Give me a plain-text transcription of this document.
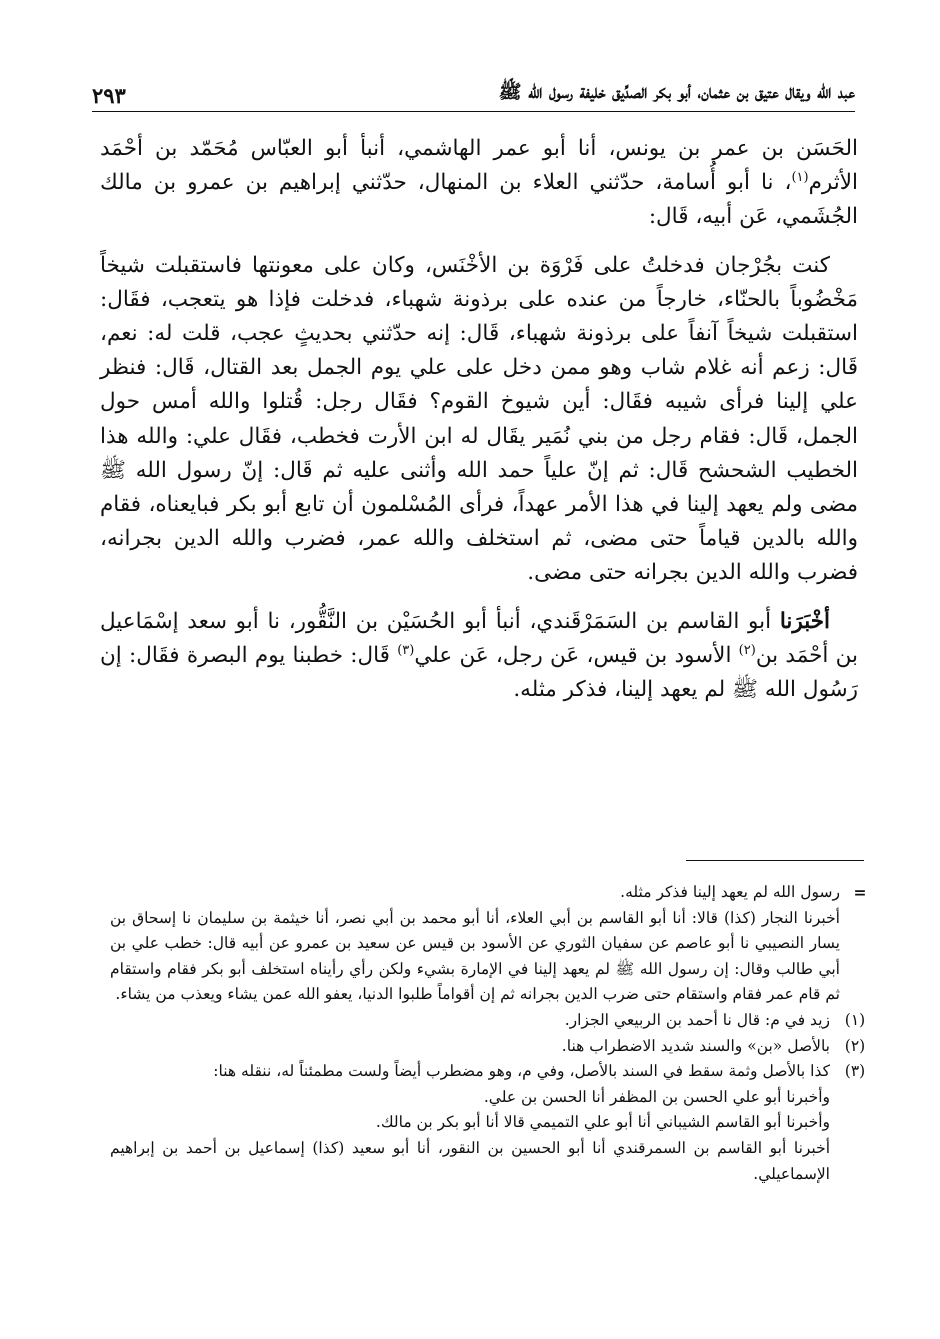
عبد الله ويقال عتيق بن عثمان، أبو بكر الصدِّيق خليفة رسول الله ﷺ
٢٩٣

الحَسَن بن عمر بن يونس، أنا أبو عمر الهاشمي، أنبأ أبو العبّاس مُحَمّد بن أحْمَد الأثرم$^{(١)}$، نا أبو أُسامة، حدّثني العلاء بن المنهال، حدّثني إبراهيم بن عمرو بن مالك الجُشَمي، عَن أبيه، قَال:

كنت بجُرْجان فدخلتُ على فَرْوَة بن الأخْنَس، وكان على معونتها فاستقبلت شيخاً مَخْضُوباً بالحنّاء، خارجاً من عنده على برذونة شهباء، فدخلت فإذا هو يتعجب، فقَال: استقبلت شيخاً آنفاً على برذونة شهباء، قَال: إنه حدّثني بحديثٍ عجب، قلت له: نعم، قَال: زعم أنه غلام شاب وهو ممن دخل على علي يوم الجمل بعد القتال، قَال: فنظر علي إلينا فرأى شيبه فقَال: أين شيوخ القوم؟ فقَال رجل: قُتلوا والله أمس حول الجمل، قَال: فقام رجل من بني نُمَير يقَال له ابن الأرت فخطب، فقَال علي: والله هذا الخطيب الشحشح قَال: ثم إنّ علياً حمد الله وأثنى عليه ثم قَال: إنّ رسول الله ﷺ مضى ولم يعهد إلينا في هذا الأمر عهداً، فرأى المُسْلمون أن تابع أبو بكر فبايعناه، فقام والله بالدين قياماً حتى مضى، ثم استخلف والله عمر، فضرب والله الدين بجرانه، فضرب والله الدين بجرانه حتى مضى.

أخْبَرَنا أبو القاسم بن السَمَرْقَندي، أنبأ أبو الحُسَيْن بن النَّقُّور، نا أبو سعد إسْمَاعيل بن أحْمَد بن$^{(٢)}$ الأسود بن قيس، عَن رجل، عَن علي$^{(٣)}$ قَال: خطبنا يوم البصرة فقَال: إن رَسُول الله ﷺ لم يعهد إلينا، فذكر مثله.

=

رسول الله لم يعهد إلينا فذكر مثله.

أخبرنا النجار (كذا) قالا: أنا أبو القاسم بن أبي العلاء، أنا أبو محمد بن أبي نصر، أنا خيثمة بن سليمان نا إسحاق بن يسار النصيبي نا أبو عاصم عن سفيان الثوري عن الأسود بن قيس عن سعيد بن عمرو عن أبيه قال: خطب علي بن أبي طالب وقال: إن رسول الله ﷺ لم يعهد إلينا في الإمارة بشيء ولكن رأي رأيناه استخلف أبو بكر فقام واستقام ثم قام عمر فقام واستقام حتى ضرب الدين بجرانه ثم إن أقواماً طلبوا الدنيا، يعفو الله عمن يشاء ويعذب من يشاء.

(١)
زيد في م: قال نا أحمد بن الربيعي الجزار.
(٢)
بالأصل «بن» والسند شديد الاضطراب هنا.
(٣)

كذا بالأصل وثمة سقط في السند بالأصل، وفي م، وهو مضطرب أيضاً ولست مطمئناً له، ننقله هنا:

وأخبرنا أبو علي الحسن بن المظفر أنا الحسن بن علي.

وأخبرنا أبو القاسم الشيباني أنا أبو علي التميمي قالا أنا أبو بكر بن مالك.

أخبرنا أبو القاسم بن السمرقندي أنا أبو الحسين بن النقور، أنا أبو سعيد (كذا) إسماعيل بن أحمد بن إبراهيم الإسماعيلي.
